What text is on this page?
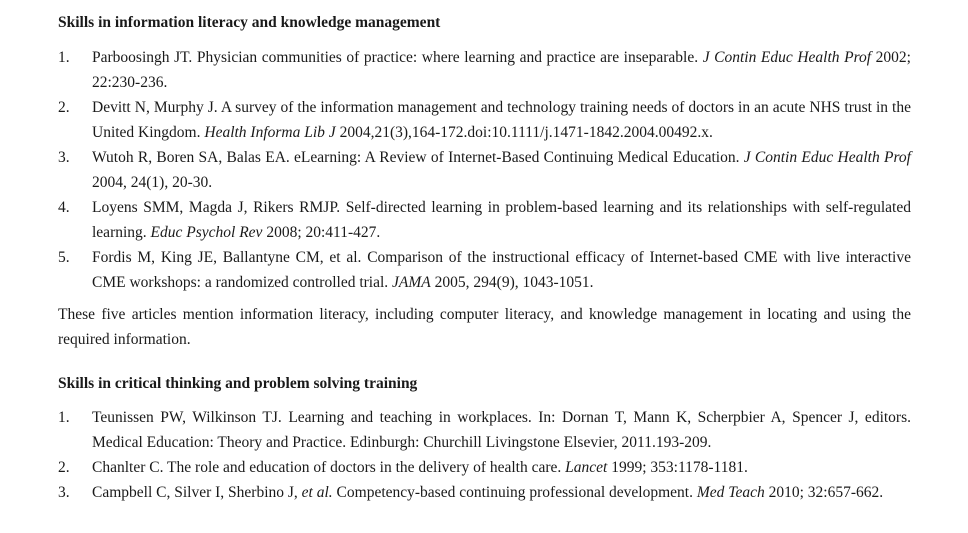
Skills in information literacy and knowledge management
1.	Parboosingh JT. Physician communities of practice: where learning and practice are inseparable. J Contin Educ Health Prof 2002; 22:230-236.
2.	Devitt N, Murphy J. A survey of the information management and technology training needs of doctors in an acute NHS trust in the United Kingdom. Health Informa Lib J 2004,21(3),164-172.doi:10.1111/j.1471-1842.2004.00492.x.
3.	Wutoh R, Boren SA, Balas EA. eLearning: A Review of Internet-Based Continuing Medical Education. J Contin Educ Health Prof 2004, 24(1), 20-30.
4.	Loyens SMM, Magda J, Rikers RMJP. Self-directed learning in problem-based learning and its relationships with self-regulated learning. Educ Psychol Rev 2008; 20:411-427.
5.	Fordis M, King JE, Ballantyne CM, et al. Comparison of the instructional efficacy of Internet-based CME with live interactive CME workshops: a randomized controlled trial. JAMA 2005, 294(9), 1043-1051.

These five articles mention information literacy, including computer literacy, and knowledge management in locating and using the required information.

Skills in critical thinking and problem solving training
1.	Teunissen PW, Wilkinson TJ. Learning and teaching in workplaces. In: Dornan T, Mann K, Scherpbier A, Spencer J, editors. Medical Education: Theory and Practice. Edinburgh: Churchill Livingstone Elsevier, 2011.193-209.
2.	Chanlter C. The role and education of doctors in the delivery of health care. Lancet 1999; 353:1178-1181.
3.	Campbell C, Silver I, Sherbino J, et al. Competency-based continuing professional development. Med Teach 2010; 32:657-662.
